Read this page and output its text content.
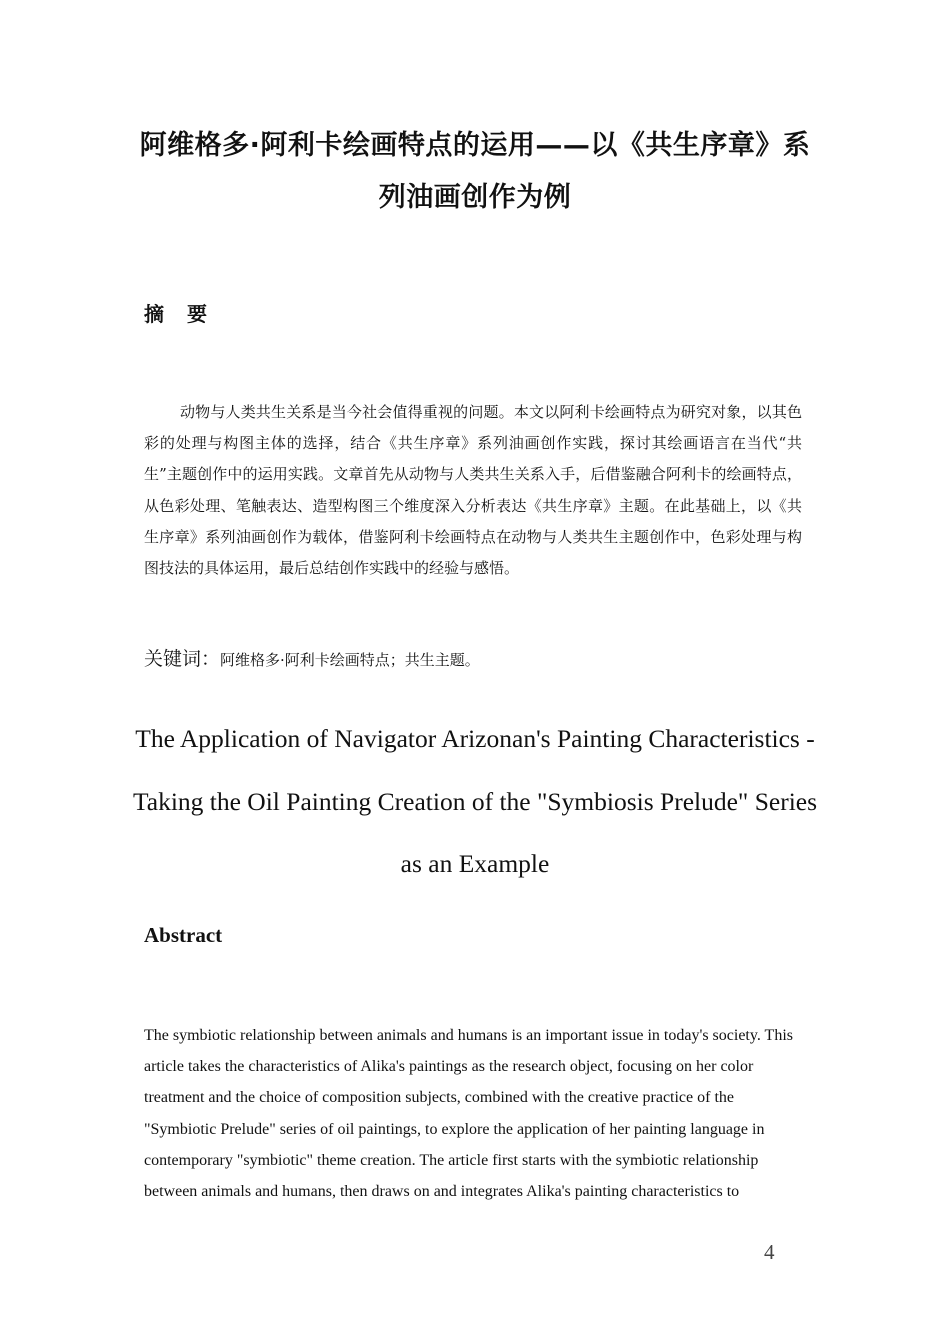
阿维格多·阿利卡绘画特点的运用——以《共生序章》系列油画创作为例
摘 要
动物与人类共生关系是当今社会值得重视的问题。本文以阿利卡绘画特点为研究对象，以其色彩的处理与构图主体的选择，结合《共生序章》系列油画创作实践，探讨其绘画语言在当代“共生”主题创作中的运用实践。文章首先从动物与人类共生关系入手，后借鉴融合阿利卡的绘画特点，从色彩处理、笔触表达、造型构图三个维度深入分析表达《共生序章》主题。在此基础上，以《共生序章》系列油画创作为载体，借鉴阿利卡绘画特点在动物与人类共生主题创作中，色彩处理与构图技法的具体运用，最后总结创作实践中的经验与感悟。
关键词：阿维格多·阿利卡绘画特点；共生主题。
The Application of Navigator Arizonan's Painting Characteristics - Taking the Oil Painting Creation of the "Symbiosis Prelude" Series as an Example
Abstract
The symbiotic relationship between animals and humans is an important issue in today's society. This article takes the characteristics of Alika's paintings as the research object, focusing on her color treatment and the choice of composition subjects, combined with the creative practice of the "Symbiotic Prelude" series of oil paintings, to explore the application of her painting language in contemporary "symbiotic" theme creation. The article first starts with the symbiotic relationship between animals and humans, then draws on and integrates Alika's painting characteristics to
4
